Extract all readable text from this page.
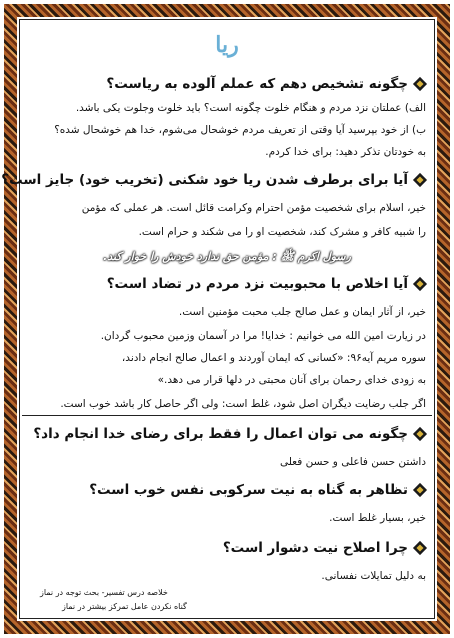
ریا
چگونه تشخیص دهم که عملم آلوده به ریاست؟
الف) عملتان نزد مردم و هنگام خلوت چگونه است؟ باید خلوت وجلوت یکی باشد.
ب) از خود بپرسید آیا وقتی از تعریف مردم خوشحال می‌شوم، خدا هم خوشحال شده؟
به خودتان تذکر دهید: برای خدا کردم.
آیا برای برطرف شدن ریا خود شکنی (تخریب خود) جایز است؟
خیر، اسلام برای شخصیت مؤمن احترام وکرامت قائل است. هر عملی که مؤمن
را شبیه کافر و مشرک کند، شخصیت او را می شکند و حرام است.
رسول اکرم ﷺ : مؤمن حق ندارد خودش را خوار کند.
آیا اخلاص با محبوبیت نزد مردم در تضاد است؟
خیر، از آثار ایمان و عمل صالح جلب محبت مؤمنین است.
در زیارت امین الله می خوانیم : خدایا! مرا در آسمان وزمین محبوب گردان.
سوره مریم آیه۹۶: «کسانی که ایمان آوردند و اعمال صالح انجام دادند،
به زودی خدای رحمان برای آنان محبتی در دلها قرار می دهد.»
اگر جلب رضایت دیگران اصل شود، غلط است: ولی اگر حاصل کار باشد خوب است.
چگونه می توان اعمال را فقط برای رضای خدا انجام داد؟
داشتن حسن فاعلی و حسن فعلی
تظاهر به گناه به نیت سرکوبی نفس خوب است؟
خیر، بسیار غلط است.
چرا اصلاح نیت دشوار است؟
به دلیل تمایلات نفسانی.
خلاصه درس تفسیر- بحث توجه در نماز
گناه نکردن عامل تمرکز بیشتر در نماز
